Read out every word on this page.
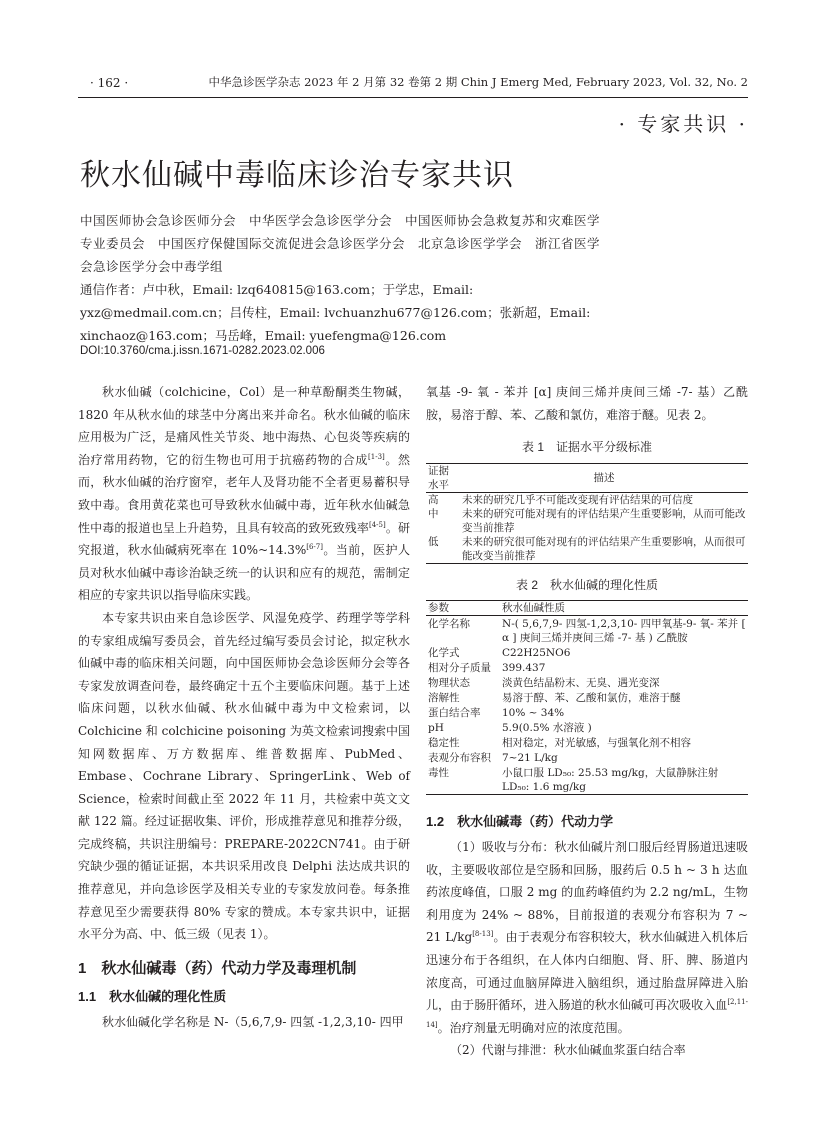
· 162 ·	中华急诊医学杂志 2023 年 2 月第 32 卷第 2 期 Chin J Emerg Med, February 2023, Vol. 32, No. 2
· 专家共识 ·
秋水仙碱中毒临床诊治专家共识
中国医师协会急诊医师分会　中华医学会急诊医学分会　中国医师协会急救复苏和灾难医学专业委员会　中国医疗保健国际交流促进会急诊医学分会　北京急诊医学学会　浙江省医学会急诊医学分会中毒学组
通信作者：卢中秋，Email: lzq640815@163.com；于学忠，Email: yxz@medmail.com.cn；吕传柱，Email: lvchuanzhu677@126.com；张新超，Email: xinchaoz@163.com；马岳峰，Email: yuefengma@126.com
DOI:10.3760/cma.j.issn.1671-0282.2023.02.006

秋水仙碱（colchicine，Col）是一种草酚酮类生物碱，1820 年从秋水仙的球茎中分离出来并命名。秋水仙碱的临床应用极为广泛，是痛风性关节炎、地中海热、心包炎等疾病的治疗常用药物，它的衍生物也可用于抗癌药物的合成[1-3]。然而，秋水仙碱的治疗窗窄，老年人及肾功能不全者更易蓄积导致中毒。食用黄花菜也可导致秋水仙碱中毒，近年秋水仙碱急性中毒的报道也呈上升趋势，且具有较高的致死致残率[4-5]。研究报道，秋水仙碱病死率在 10%~14.3%[6-7]。当前，医护人员对秋水仙碱中毒诊治缺乏统一的认识和应有的规范，需制定相应的专家共识以指导临床实践。

本专家共识由来自急诊医学、风湿免疫学、药理学等学科的专家组成编写委员会，首先经过编写委员会讨论，拟定秋水仙碱中毒的临床相关问题，向中国医师协会急诊医师分会等各专家发放调查问卷，最终确定十五个主要临床问题。基于上述临床问题，以秋水仙碱、秋水仙碱中毒为中文检索词，以 Colchicine 和 colchicine poisoning 为英文检索词搜索中国知网数据库、万方数据库、维普数据库、PubMed、Embase、Cochrane Library、SpringerLink、Web of Science，检索时间截止至 2022 年 11 月，共检索中英文文献 122 篇。经过证据收集、评价，形成推荐意见和推荐分级，完成终稿，共识注册编号：PREPARE-2022CN741。由于研究缺少强的循证证据，本共识采用改良 Delphi 法达成共识的推荐意见，并向急诊医学及相关专业的专家发放问卷。每条推荐意见至少需要获得 80% 专家的赞成。本专家共识中，证据水平分为高、中、低三级（见表 1）。

1　秋水仙碱毒（药）代动力学及毒理机制
1.1　秋水仙碱的理化性质

秋水仙碱化学名称是 N-（5,6,7,9- 四氢 -1,2,3,10- 四甲

氧基 -9- 氧 - 苯并 [α] 庚间三烯并庚间三烯 -7- 基）乙酰胺，易溶于醇、苯、乙酸和氯仿，难溶于醚。见表 2。

表 1　证据水平分级标准
证据水平	描述
高	未来的研究几乎不可能改变现有评估结果的可信度
中	未来的研究可能对现有的评估结果产生重要影响，从而可能改变当前推荐
低	未来的研究很可能对现有的评估结果产生重要影响，从而很可能改变当前推荐
表 2　秋水仙碱的理化性质
参数	秋水仙碱性质
化学名称	N-( 5,6,7,9- 四氢-1,2,3,10- 四甲氧基-9- 氧- 苯并 [ α ] 庚间三烯并庚间三烯 -7- 基 ) 乙酰胺
化学式	C22H25NO6
相对分子质量	399.437
物理状态	淡黄色结晶粉末、无臭、遇光变深
溶解性	易溶于醇、苯、乙酸和氯仿，难溶于醚
蛋白结合率	10% ~ 34%
pH	5.9(0.5% 水溶液 )
稳定性	相对稳定，对光敏感，与强氧化剂不相容
表观分布容积	7~21 L/kg
毒性	小鼠口服 LD₅₀: 25.53 mg/kg，大鼠静脉注射 LD₅₀: 1.6 mg/kg
1.2　秋水仙碱毒（药）代动力学

（1）吸收与分布：秋水仙碱片剂口服后经胃肠道迅速吸收，主要吸收部位是空肠和回肠，服药后 0.5 h ~ 3 h 达血药浓度峰值，口服 2 mg 的血药峰值约为 2.2 ng/mL，生物利用度为 24% ~ 88%，目前报道的表观分布容积为 7 ~ 21 L/kg[8-13]。由于表观分布容积较大，秋水仙碱进入机体后迅速分布于各组织，在人体内白细胞、肾、肝、脾、肠道内浓度高，可通过血脑屏障进入脑组织，通过胎盘屏障进入胎儿，由于肠肝循环，进入肠道的秋水仙碱可再次吸收入血[2,11-14]。治疗剂量无明确对应的浓度范围。

（2）代谢与排泄：秋水仙碱血浆蛋白结合率
